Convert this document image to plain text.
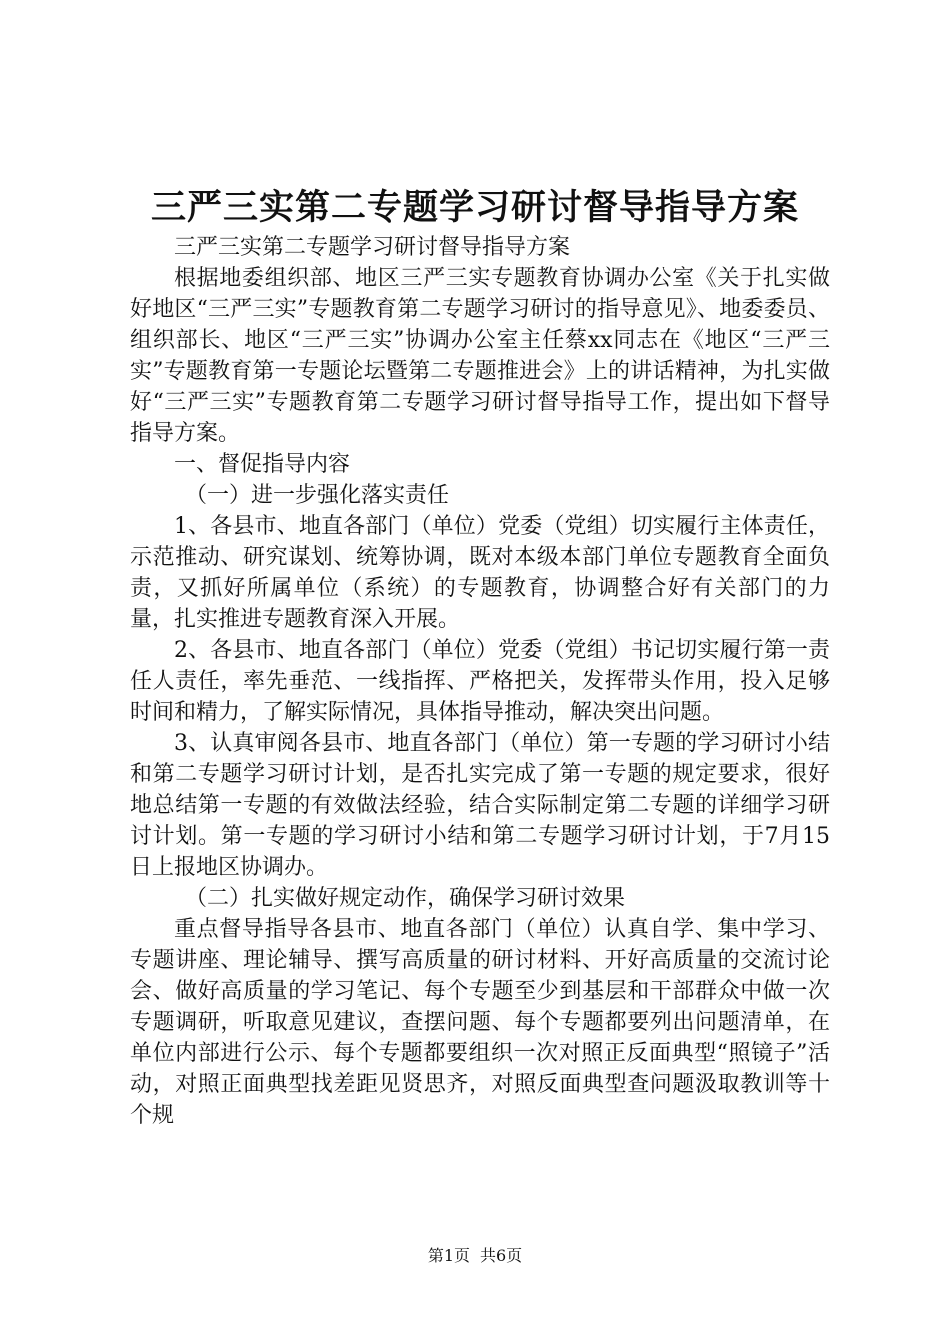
三严三实第二专题学习研讨督导指导方案

三严三实第二专题学习研讨督导指导方案

根据地委组织部、地区三严三实专题教育协调办公室《关于扎实做好地区“三严三实”专题教育第二专题学习研讨的指导意见》、地委委员、组织部长、地区“三严三实”协调办公室主任蔡xx同志在《地区“三严三实”专题教育第一专题论坛暨第二专题推进会》上的讲话精神，为扎实做好“三严三实”专题教育第二专题学习研讨督导指导工作，提出如下督导指导方案。

一、督促指导内容

（一）进一步强化落实责任

1、各县市、地直各部门（单位）党委（党组）切实履行主体责任，示范推动、研究谋划、统筹协调，既对本级本部门单位专题教育全面负责，又抓好所属单位（系统）的专题教育，协调整合好有关部门的力量，扎实推进专题教育深入开展。

2、各县市、地直各部门（单位）党委（党组）书记切实履行第一责任人责任，率先垂范、一线指挥、严格把关，发挥带头作用，投入足够时间和精力，了解实际情况，具体指导推动，解决突出问题。

3、认真审阅各县市、地直各部门（单位）第一专题的学习研讨小结和第二专题学习研讨计划，是否扎实完成了第一专题的规定要求，很好地总结第一专题的有效做法经验，结合实际制定第二专题的详细学习研讨计划。第一专题的学习研讨小结和第二专题学习研讨计划，于7月15日上报地区协调办。

（二）扎实做好规定动作，确保学习研讨效果

重点督导指导各县市、地直各部门（单位）认真自学、集中学习、专题讲座、理论辅导、撰写高质量的研讨材料、开好高质量的交流讨论会、做好高质量的学习笔记、每个专题至少到基层和干部群众中做一次专题调研，听取意见建议，查摆问题、每个专题都要列出问题清单，在单位内部进行公示、每个专题都要组织一次对照正反面典型“照镜子”活动，对照正面典型找差距见贤思齐，对照反面典型查问题汲取教训等十个规

第1页 共6页
